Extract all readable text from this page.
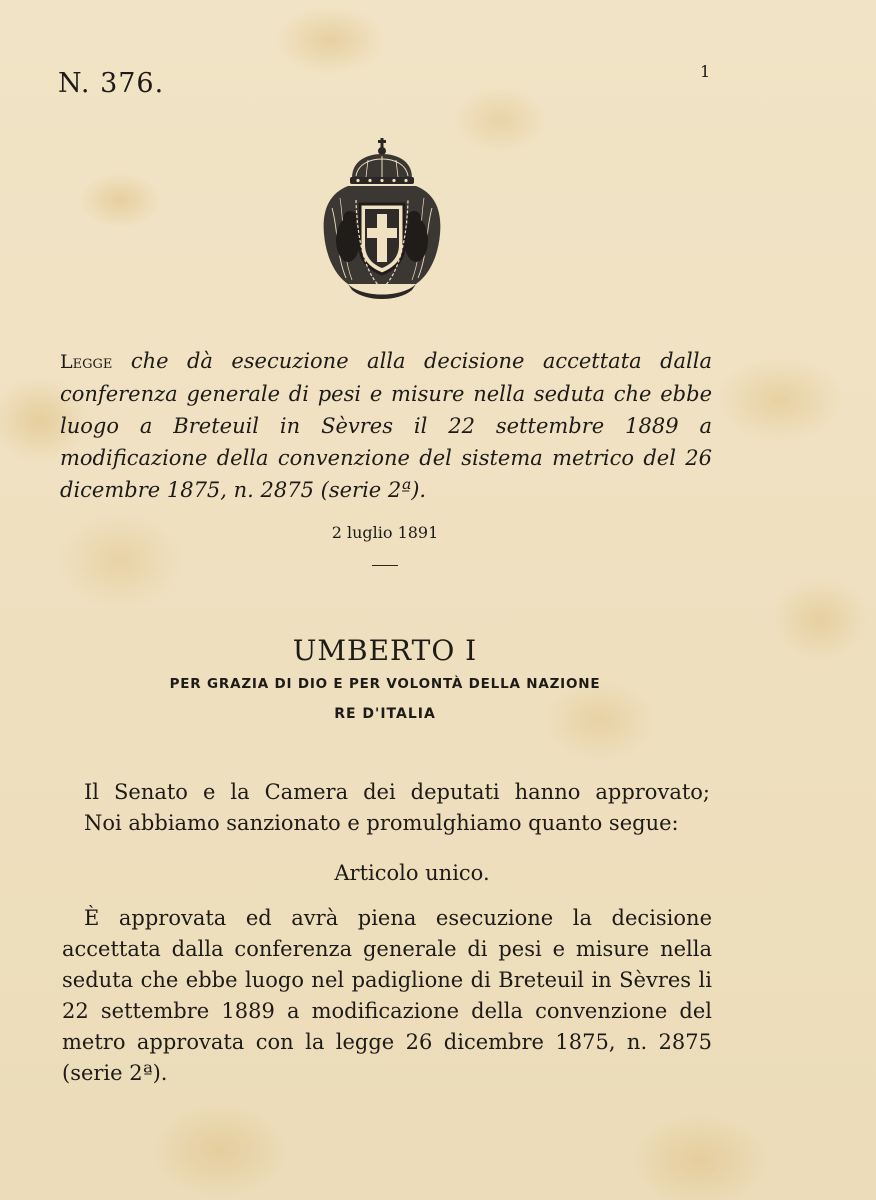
N. 376.	1
Legge che dà esecuzione alla decisione accettata dalla conferenza generale di pesi e misure nella seduta che ebbe luogo a Breteuil in Sèvres il 22 settembre 1889 a modificazione della convenzione del sistema metrico del 26 dicembre 1875, n. 2875 (serie 2ª).
2 luglio 1891
UMBERTO I
PER GRAZIA DI DIO E PER VOLONTÀ DELLA NAZIONE
RE D'ITALIA
Il Senato e la Camera dei deputati hanno approvato;
Noi abbiamo sanzionato e promulghiamo quanto segue:
Articolo unico.
È approvata ed avrà piena esecuzione la decisione accettata dalla conferenza generale di pesi e misure nella seduta che ebbe luogo nel padiglione di Breteuil in Sèvres li 22 settembre 1889 a modificazione della convenzione del metro approvata con la legge 26 dicembre 1875, n. 2875 (serie 2ª).
